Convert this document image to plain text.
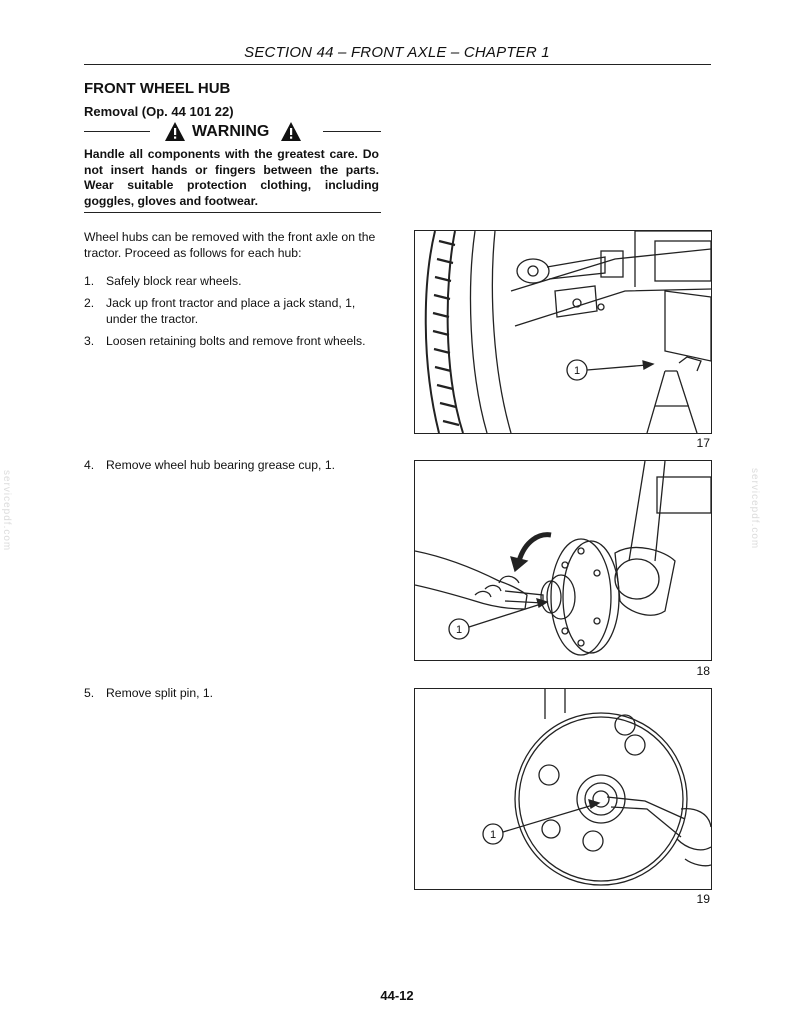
SECTION 44 – FRONT AXLE – CHAPTER 1
FRONT WHEEL HUB
Removal (Op. 44 101 22)
WARNING
Handle all components with the greatest care. Do not insert hands or fingers between the parts. Wear suitable protection clothing, including goggles, gloves and footwear.
Wheel hubs can be removed with the front axle on the tractor. Proceed as follows for each hub:
1. Safely block rear wheels.
2. Jack up front tractor and place a jack stand, 1, under the tractor.
3. Loosen retaining bolts and remove front wheels.
4. Remove wheel hub bearing grease cup, 1.
5. Remove split pin, 1.
1
17
1
18
1
19
servicepdf.com	servicepdf.com
44-12
